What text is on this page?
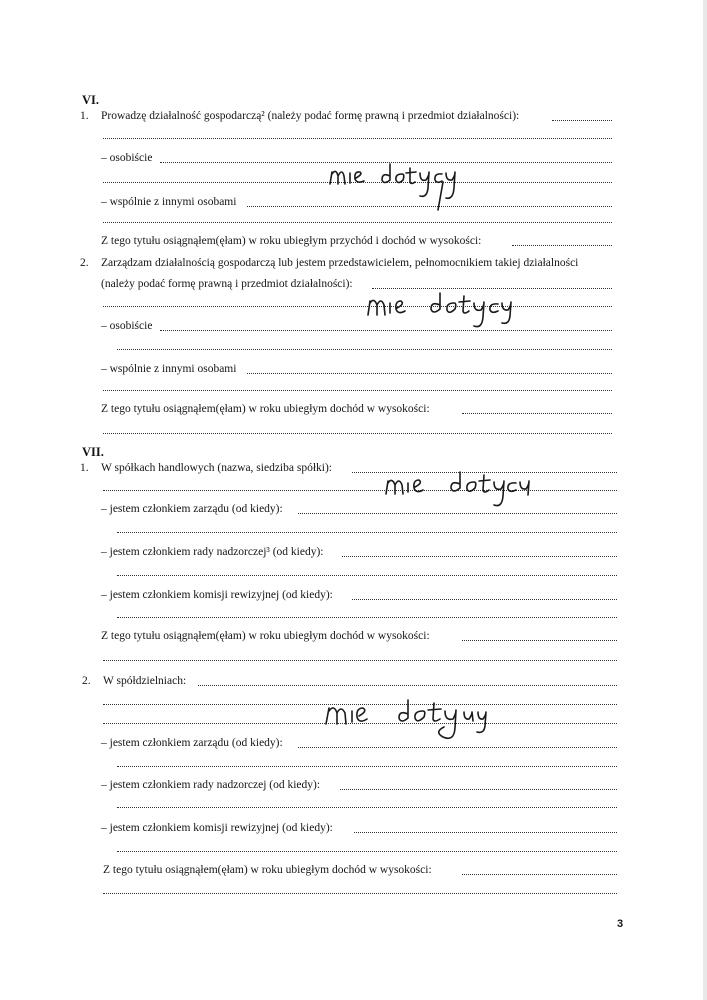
VI.
1. Prowadzę działalność gospodarczą² (należy podać formę prawną i przedmiot działalności):
– osobiście
– wspólnie z innymi osobami
Z tego tytułu osiągnąłem(ęłam) w roku ubiegłym przychód i dochód w wysokości:
2. Zarządzam działalnością gospodarczą lub jestem przedstawicielem, pełnomocnikiem takiej działalności
(należy podać formę prawną i przedmiot działalności):
– osobiście
– wspólnie z innymi osobami
Z tego tytułu osiągnąłem(ęłam) w roku ubiegłym dochód w wysokości:
VII.
1. W spółkach handlowych (nazwa, siedziba spółki):
– jestem członkiem zarządu (od kiedy):
– jestem członkiem rady nadzorczej³ (od kiedy):
– jestem członkiem komisji rewizyjnej (od kiedy):
Z tego tytułu osiągnąłem(ęłam) w roku ubiegłym dochód w wysokości:
2. W spółdzielniach:
– jestem członkiem zarządu (od kiedy):
– jestem członkiem rady nadzorczej (od kiedy):
– jestem członkiem komisji rewizyjnej (od kiedy):
Z tego tytułu osiągnąłem(ęłam) w roku ubiegłym dochód w wysokości:
3
